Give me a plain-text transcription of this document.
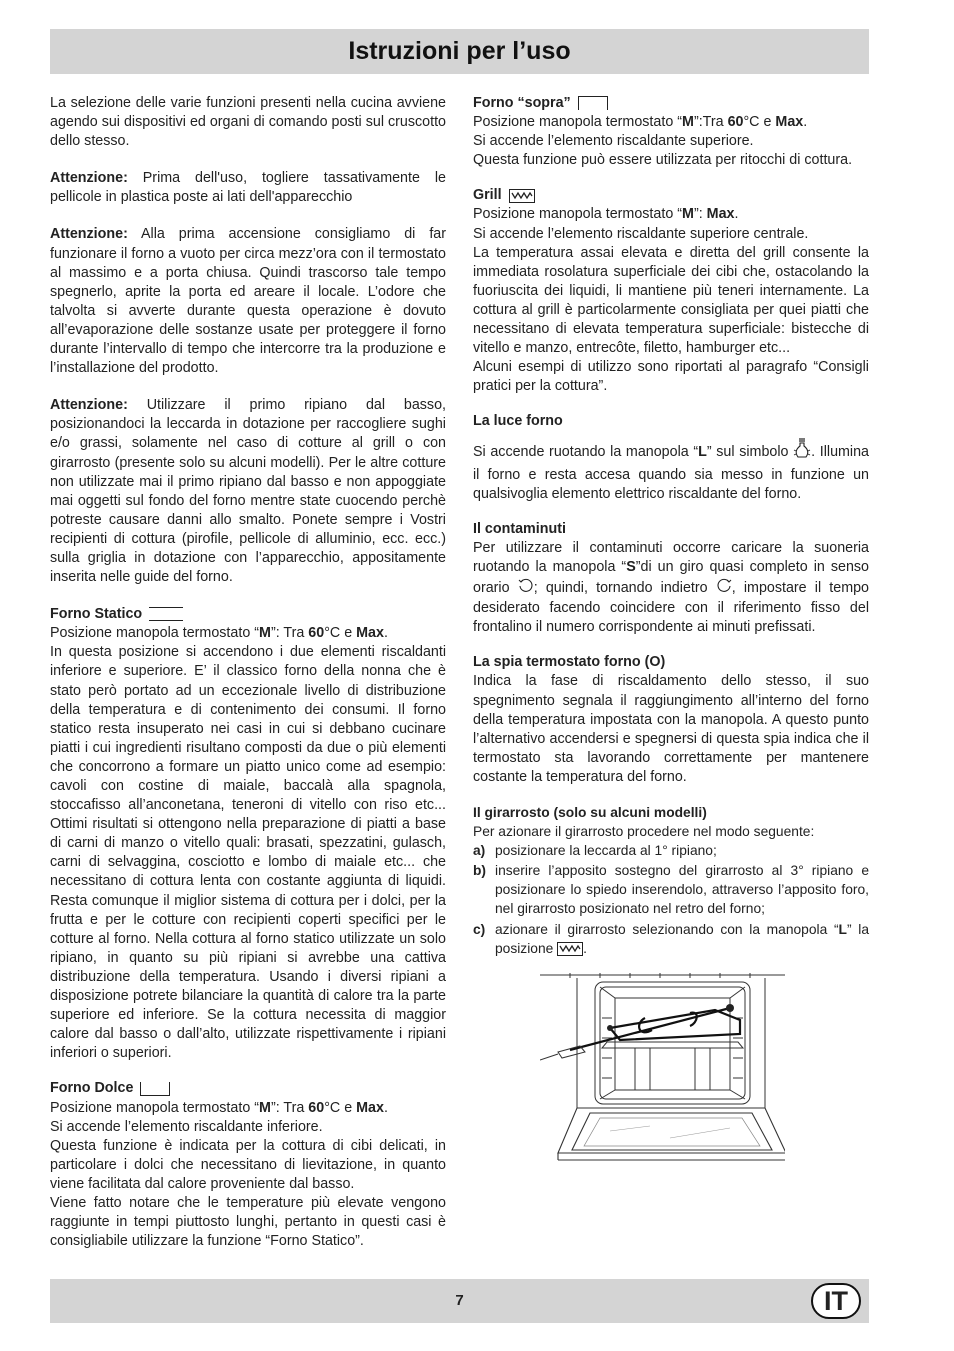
Istruzioni per l’uso

La selezione delle varie funzioni presenti nella cucina avviene agendo sui dispositivi ed organi di comando posti sul cruscotto dello stesso.

Attenzione: Prima dell'uso, togliere tassativamente le pellicole in plastica poste ai lati dell'apparecchio

Attenzione: Alla prima accensione consigliamo di far funzionare il forno a vuoto per circa mezz’ora con il termostato al massimo e a porta chiusa. Quindi trascorso tale tempo spegnerlo, aprite la porta ed areare il locale. L’odore che talvolta si avverte durante questa operazione è dovuto all’evaporazione delle sostanze usate per proteggere il forno durante l’intervallo di tempo che intercorre tra la produzione e l’installazione del prodotto.

Attenzione: Utilizzare il primo ripiano dal basso, posizionandoci la leccarda in dotazione per raccogliere sughi e/o grassi, solamente nel caso di cotture al grill o con girarrosto (presente solo su alcuni modelli). Per le altre cotture non utilizzate mai il primo ripiano dal basso e non appoggiate mai oggetti sul fondo del forno mentre state cuocendo perchè potreste causare danni allo smalto. Ponete sempre i Vostri recipienti di cottura (pirofile, pellicole di alluminio, ecc. ecc.) sulla griglia in dotazione con l’apparecchio, appositamente inserita nelle guide del forno.

Forno Statico
Posizione manopola termostato “M”: Tra 60°C e Max.
In questa posizione si accendono i due elementi riscaldanti inferiore e superiore. E’ il classico forno della nonna che è stato però portato ad un eccezionale livello di distribuzione della temperatura e di contenimento dei consumi. Il forno statico resta insuperato nei casi in cui si debbano cucinare piatti i cui ingredienti risultano composti da due o più elementi che concorrono a formare un piatto unico come ad esempio: cavoli con costine di maiale, baccalà alla spagnola, stoccafisso all’anconetana, teneroni di vitello con riso etc... Ottimi risultati si ottengono nella preparazione di piatti a base di carni di manzo o vitello quali: brasati, spezzatini, gulasch, carni di selvaggina, cosciotto e lombo di maiale etc... che necessitano di cottura lenta con costante aggiunta di liquidi. Resta comunque il miglior sistema di cottura per i dolci, per la frutta e per le cotture con recipienti coperti specifici per le cotture al forno. Nella cottura al forno statico utilizzate un solo ripiano, in quanto su più ripiani si avrebbe una cattiva distribuzione della temperatura. Usando i diversi ripiani a disposizione potrete bilanciare la quantità di calore tra la parte superiore ed inferiore. Se la cottura necessita di maggior calore dal basso o dall’alto, utilizzate rispettivamente i ripiani inferiori o superiori.
Forno Dolce
Posizione manopola termostato “M”: Tra 60°C e Max.
Si accende l’elemento riscaldante inferiore.
Questa funzione è indicata per la cottura di cibi delicati, in particolare i dolci che necessitano di lievitazione, in quanto viene facilitata dal calore proveniente dal basso.
Viene fatto notare che le temperature più elevate vengono raggiunte in tempi piuttosto lunghi, pertanto in questi casi è consigliabile utilizzare la funzione “Forno Statico”.
Forno “sopra”
Posizione manopola termostato “M”:Tra 60°C e Max.
Si accende l’elemento riscaldante superiore.
Questa funzione può essere utilizzata per ritocchi di cottura.
Grill
Posizione manopola termostato “M”: Max.
Si accende l’elemento riscaldante superiore centrale.
La temperatura assai elevata e diretta del grill consente la immediata rosolatura superficiale dei cibi che, ostacolando la fuoriuscita dei liquidi, li mantiene più teneri internamente. La cottura al grill è particolarmente consigliata per quei piatti che necessitano di elevata temperatura superficiale: bistecche di vitello e manzo, entrecôte, filetto, hamburger etc...
Alcuni esempi di utilizzo sono riportati al paragrafo “Consigli pratici per la cottura”.
La luce forno
Si accende ruotando la manopola “L” sul simbolo . Illumina il forno e resta accesa quando sia messo in funzione un qualsivoglia elemento elettrico riscaldante del forno.
Il contaminuti
Per utilizzare il contaminuti occorre caricare la suoneria ruotando la manopola “S”di un giro quasi completo in senso orario ; quindi, tornando indietro , impostare il tempo desiderato facendo coincidere con il riferimento fisso del frontalino il numero corrispondente ai minuti prefissati.
La spia termostato forno (O)
Indica la fase di riscaldamento dello stesso, il suo spegnimento segnala il raggiungimento all’interno del forno della temperatura impostata con la manopola. A questo punto l’alternativo accendersi e spegnersi di questa spia indica che il termostato sta lavorando correttamente per mantenere costante la temperatura del forno.
Il girarrosto (solo su alcuni modelli)
Per azionare il girarrosto procedere nel modo seguente:
a) posizionare la leccarda al 1° ripiano;
b) inserire l’apposito sostegno del girarrosto al 3° ripiano e posizionare lo spiedo inserendolo, attraverso l’apposito foro, nel girarrosto posizionato nel retro del forno;
c) azionare il girarrosto selezionando con la manopola “L” la posizione
.
7	IT
